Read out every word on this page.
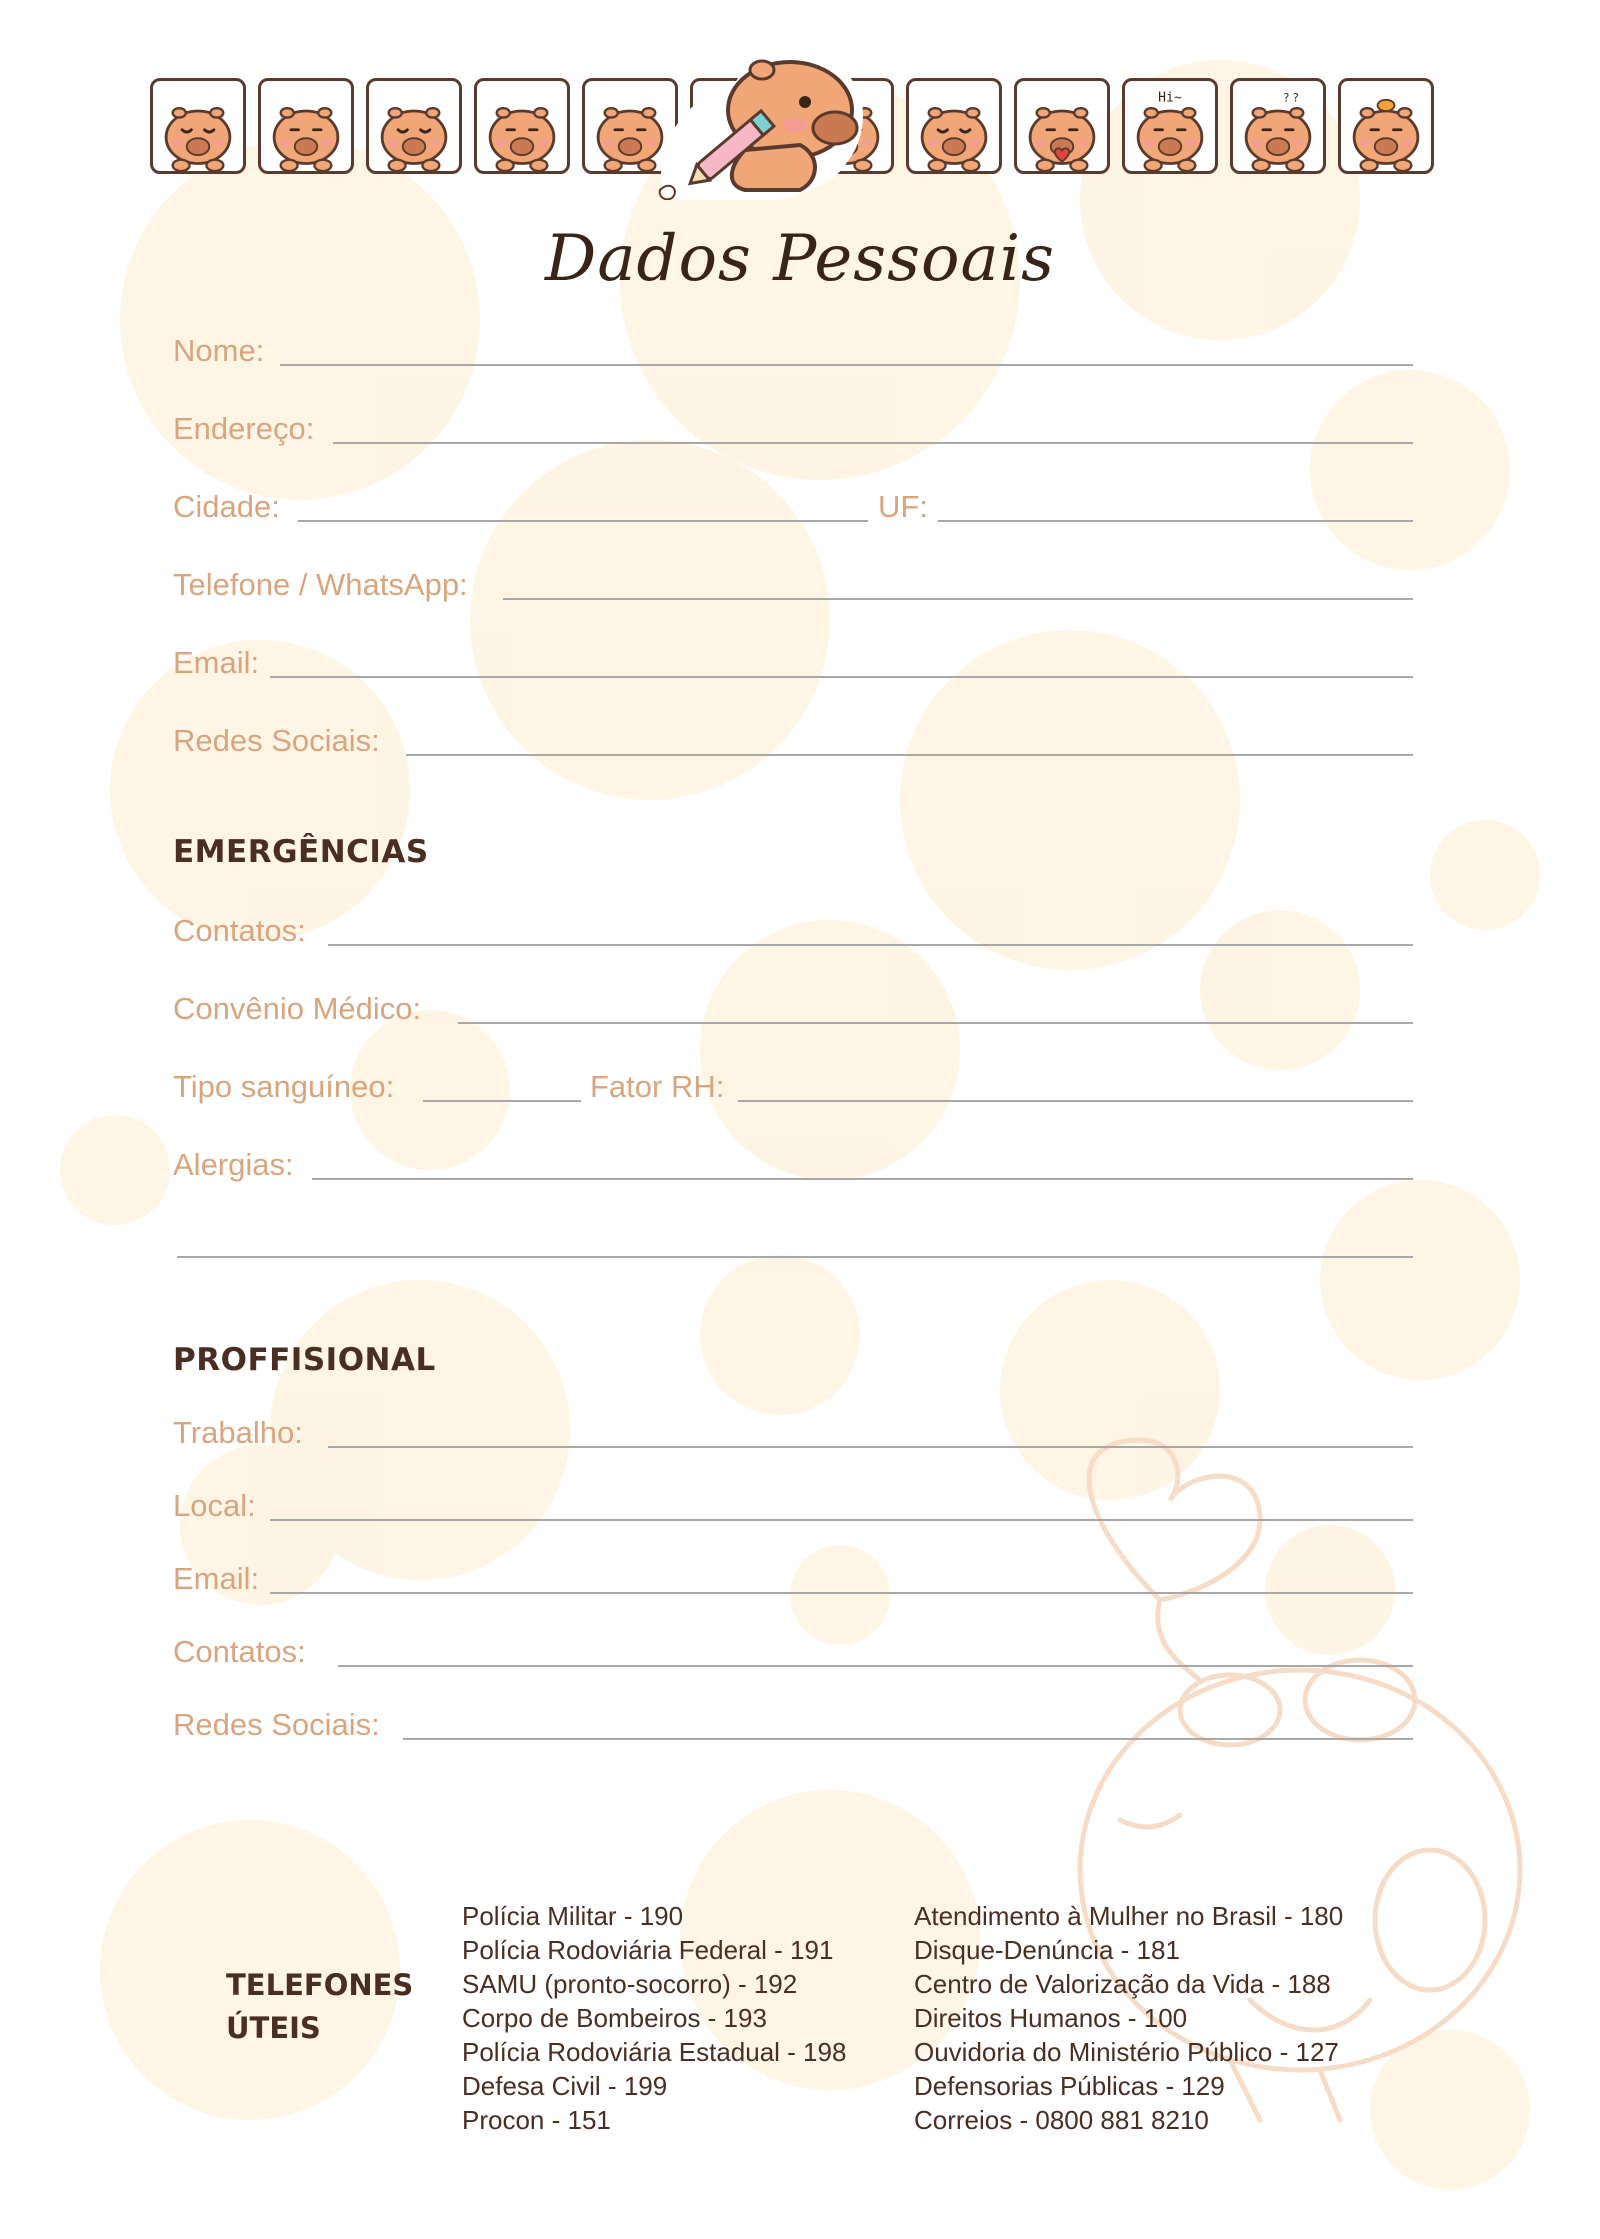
Hi~	? ?
Dados Pessoais
Nome:
Endereço:
Cidade:	UF:
Telefone / WhatsApp:
Email:
Redes Sociais:
EMERGÊNCIAS
Contatos:
Convênio Médico:
Tipo sanguíneo:	Fator RH:
Alergias:
PROFFISIONAL
Trabalho:
Local:
Email:
Contatos:
Redes Sociais:
TELEFONES
ÚTEIS
Polícia Militar - 190
Polícia Rodoviária Federal - 191
SAMU (pronto-socorro) - 192
Corpo de Bombeiros - 193
Polícia Rodoviária Estadual - 198
Defesa Civil - 199
Procon - 151
Atendimento à Mulher no Brasil - 180
Disque-Denúncia - 181
Centro de Valorização da Vida - 188
Direitos Humanos - 100
Ouvidoria do Ministério Público - 127
Defensorias Públicas - 129
Correios - 0800 881 8210
